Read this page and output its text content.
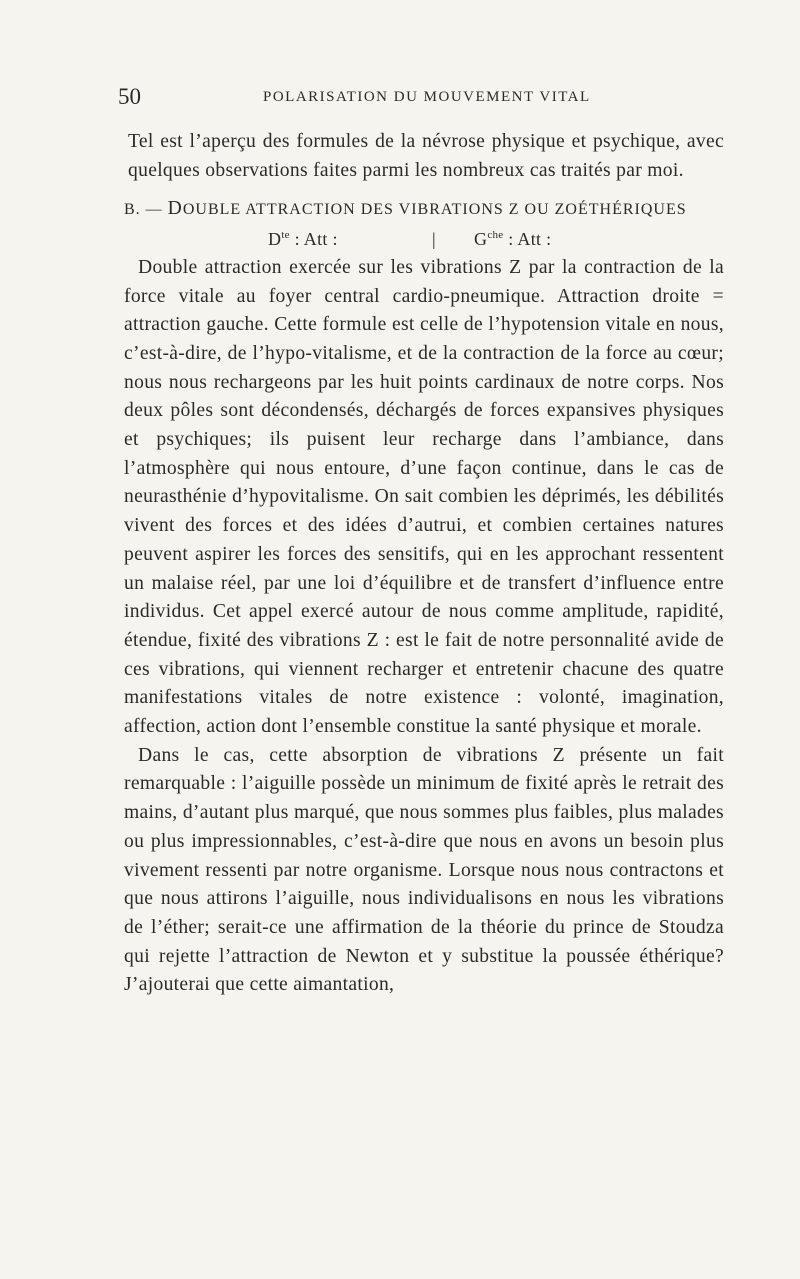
50	POLARISATION DU MOUVEMENT VITAL

Tel est l’aperçu des formules de la névrose physique et psychique, avec quelques observations faites parmi les nombreux cas traités par moi.

B. — DOUBLE ATTRACTION DES VIBRATIONS Z OU ZOÉTHÉRIQUES

$D^{te}$ : Att :	| $G^{che}$ : Att :

Double attraction exercée sur les vibrations Z par la contraction de la force vitale au foyer central cardio-pneumique. Attraction droite = attraction gauche. Cette formule est celle de l’hypotension vitale en nous, c’est-à-dire, de l’hypo-vitalisme, et de la contraction de la force au cœur; nous nous rechargeons par les huit points cardinaux de notre corps. Nos deux pôles sont décondensés, déchargés de forces expansives physiques et psychiques; ils puisent leur recharge dans l’ambiance, dans l’atmosphère qui nous entoure, d’une façon continue, dans le cas de neurasthénie d’hypovitalisme. On sait combien les déprimés, les débilités vivent des forces et des idées d’autrui, et combien certaines natures peuvent aspirer les forces des sensitifs, qui en les approchant ressentent un malaise réel, par une loi d’équilibre et de transfert d’influence entre individus. Cet appel exercé autour de nous comme amplitude, rapidité, étendue, fixité des vibrations Z : est le fait de notre personnalité avide de ces vibrations, qui viennent recharger et entretenir chacune des quatre manifestations vitales de notre existence : volonté, imagination, affection, action dont l’ensemble constitue la santé physique et morale.

Dans le cas, cette absorption de vibrations Z présente un fait remarquable : l’aiguille possède un minimum de fixité après le retrait des mains, d’autant plus marqué, que nous sommes plus faibles, plus malades ou plus impressionnables, c’est-à-dire que nous en avons un besoin plus vivement ressenti par notre organisme. Lorsque nous nous contractons et que nous attirons l’aiguille, nous individualisons en nous les vibrations de l’éther; serait-ce une affirmation de la théorie du prince de Stoudza qui rejette l’attraction de Newton et y substitue la poussée éthérique? J’ajouterai que cette aimantation,
